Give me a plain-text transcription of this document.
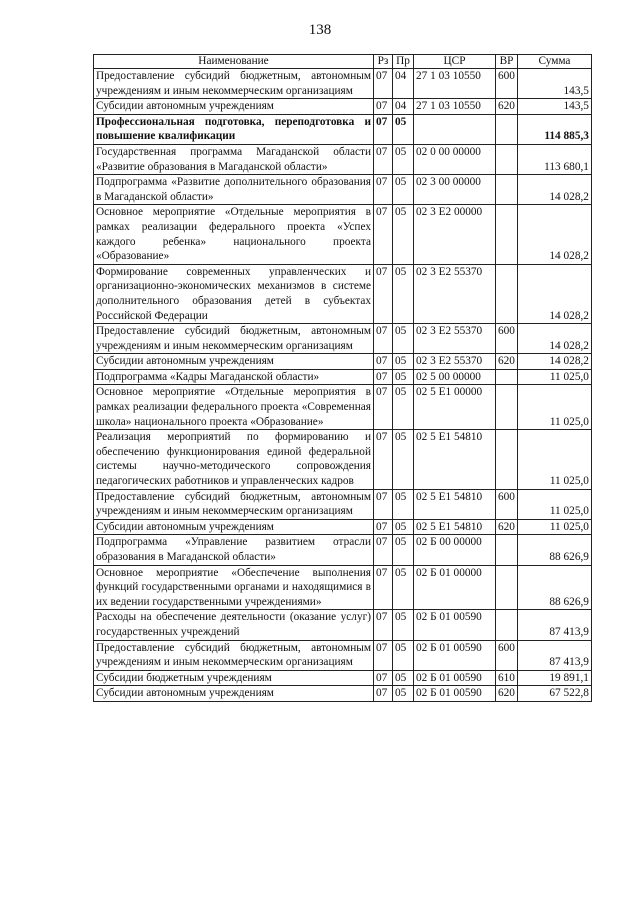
138
Наименование	Рз	Пр	ЦСР	ВР	Сумма
Предоставление субсидий бюджетным, автономным учреждениям и иным некоммерческим организациям	07	04	27 1 03 10550	600	143,5
Субсидии автономным учреждениям	07	04	27 1 03 10550	620	143,5
Профессиональная подготовка, переподготовка и повышение квалификации	07	05			114 885,3
Государственная программа Магаданской области «Развитие образования в Магаданской области»	07	05	02 0 00 00000		113 680,1
Подпрограмма «Развитие дополнительного образования в Магаданской области»	07	05	02 3 00 00000		14 028,2
Основное мероприятие «Отдельные мероприятия в рамках реализации федерального проекта «Успех каждого ребенка» национального проекта «Образование»	07	05	02 3 E2 00000		14 028,2
Формирование современных управленческих и организационно-экономических механизмов в системе дополнительного образования детей в субъектах Российской Федерации	07	05	02 3 E2 55370		14 028,2
Предоставление субсидий бюджетным, автономным учреждениям и иным некоммерческим организациям	07	05	02 3 E2 55370	600	14 028,2
Субсидии автономным учреждениям	07	05	02 3 E2 55370	620	14 028,2
Подпрограмма «Кадры Магаданской области»	07	05	02 5 00 00000		11 025,0
Основное мероприятие «Отдельные мероприятия в рамках реализации федерального проекта «Современная школа» национального проекта «Образование»	07	05	02 5 E1 00000		11 025,0
Реализация мероприятий по формированию и обеспечению функционирования единой федеральной системы научно-методического сопровождения педагогических работников и управленческих кадров	07	05	02 5 E1 54810		11 025,0
Предоставление субсидий бюджетным, автономным учреждениям и иным некоммерческим организациям	07	05	02 5 E1 54810	600	11 025,0
Субсидии автономным учреждениям	07	05	02 5 E1 54810	620	11 025,0
Подпрограмма «Управление развитием отрасли образования в Магаданской области»	07	05	02 Б 00 00000		88 626,9
Основное мероприятие «Обеспечение выполнения функций государственными органами и находящимися в их ведении государственными учреждениями»	07	05	02 Б 01 00000		88 626,9
Расходы на обеспечение деятельности (оказание услуг) государственных учреждений	07	05	02 Б 01 00590		87 413,9
Предоставление субсидий бюджетным, автономным учреждениям и иным некоммерческим организациям	07	05	02 Б 01 00590	600	87 413,9
Субсидии бюджетным учреждениям	07	05	02 Б 01 00590	610	19 891,1
Субсидии автономным учреждениям	07	05	02 Б 01 00590	620	67 522,8
